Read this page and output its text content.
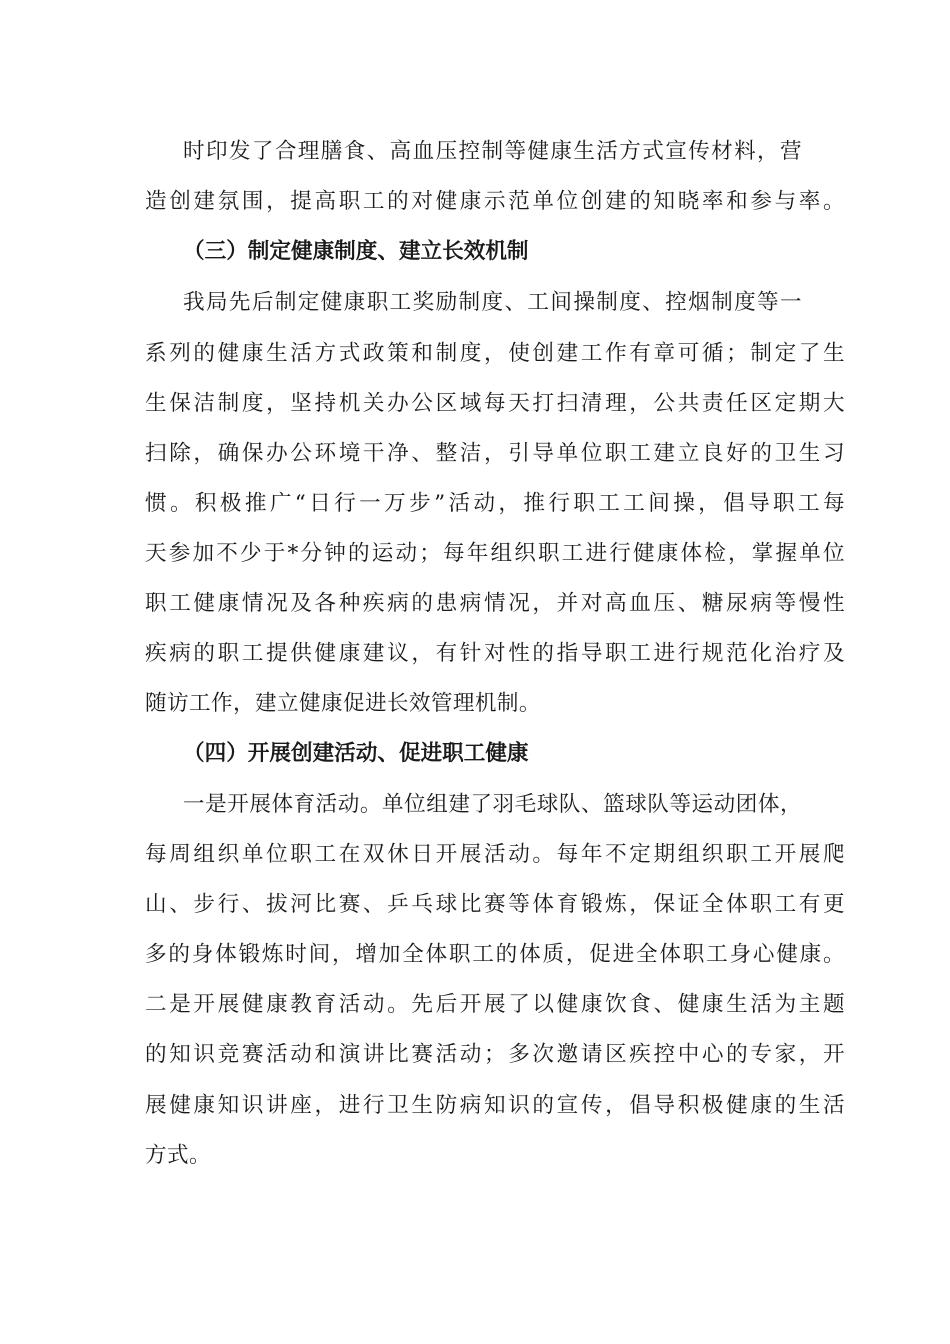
时印发了合理膳食、高血压控制等健康生活方式宣传材料，营
造创建氛围，提高职工的对健康示范单位创建的知晓率和参与率。
（三）制定健康制度、建立长效机制
我局先后制定健康职工奖励制度、工间操制度、控烟制度等一
系列的健康生活方式政策和制度，使创建工作有章可循；制定了生
生保洁制度，坚持机关办公区域每天打扫清理，公共责任区定期大
扫除，确保办公环境干净、整洁，引导单位职工建立良好的卫生习
惯。积极推广“日行一万步”活动，推行职工工间操，倡导职工每
天参加不少于*分钟的运动；每年组织职工进行健康体检，掌握单位
职工健康情况及各种疾病的患病情况，并对高血压、糖尿病等慢性
疾病的职工提供健康建议，有针对性的指导职工进行规范化治疗及
随访工作，建立健康促进长效管理机制。
（四）开展创建活动、促进职工健康
一是开展体育活动。单位组建了羽毛球队、篮球队等运动团体，
每周组织单位职工在双休日开展活动。每年不定期组织职工开展爬
山、步行、拔河比赛、乒乓球比赛等体育锻炼，保证全体职工有更
多的身体锻炼时间，增加全体职工的体质，促进全体职工身心健康。
二是开展健康教育活动。先后开展了以健康饮食、健康生活为主题
的知识竞赛活动和演讲比赛活动；多次邀请区疾控中心的专家，开
展健康知识讲座，进行卫生防病知识的宣传，倡导积极健康的生活
方式。
